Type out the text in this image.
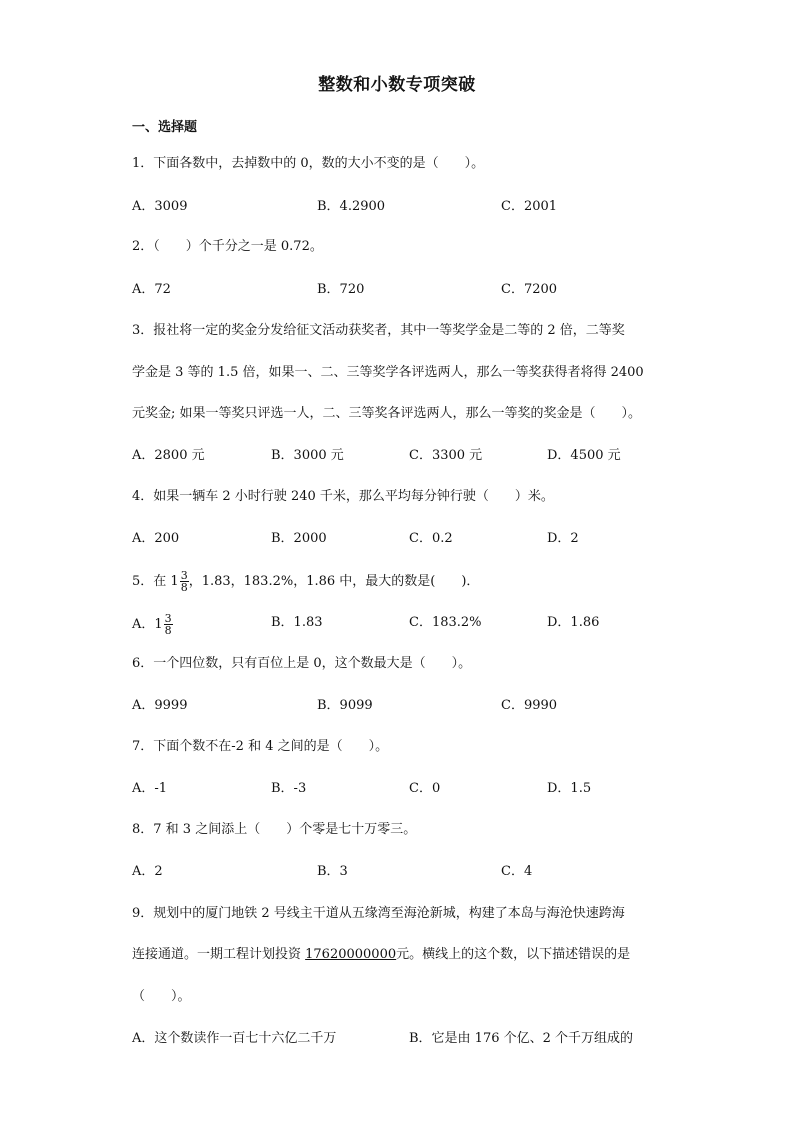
整数和小数专项突破
一、选择题
1．下面各数中，去掉数中的 0，数的大小不变的是（　　）。
A．3009	B．4.2900	C．2001
2．（　　）个千分之一是 0.72。
A．72	B．720	C．7200
3．报社将一定的奖金分发给征文活动获奖者，其中一等奖学金是二等的 2 倍，二等奖
学金是 3 等的 1.5 倍，如果一、二、三等奖学各评选两人，那么一等奖获得者将得 2400
元奖金; 如果一等奖只评选一人，二、三等奖各评选两人，那么一等奖的奖金是（　　）。
A．2800 元	B．3000 元	C．3300 元	D．4500 元
4．如果一辆车 2 小时行驶 240 千米，那么平均每分钟行驶（　　）米。
A．200	B．2000	C．0.2	D．2
5．在 $1 \frac{3}{8}$ ，1.83，183.2%，1.86 中，最大的数是(　　)．
A．$1 \frac{3}{8}$	B．1.83	C．183.2%	D．1.86
6．一个四位数，只有百位上是 0，这个数最大是（　　）。
A．9999	B．9099	C．9990
7．下面个数不在-2 和 4 之间的是（　　）。
A．-1	B．-3	C．0	D．1.5
8．7 和 3 之间添上（　　）个零是七十万零三。
A．2	B．3	C．4
9．规划中的厦门地铁 2 号线主干道从五缘湾至海沧新城，构建了本岛与海沧快速跨海
连接通道。一期工程计划投资 17620000000元。横线上的这个数，以下描述错误的是
（　　）。
A．这个数读作一百七十六亿二千万	B．它是由 176 个亿、2 个千万组成的
